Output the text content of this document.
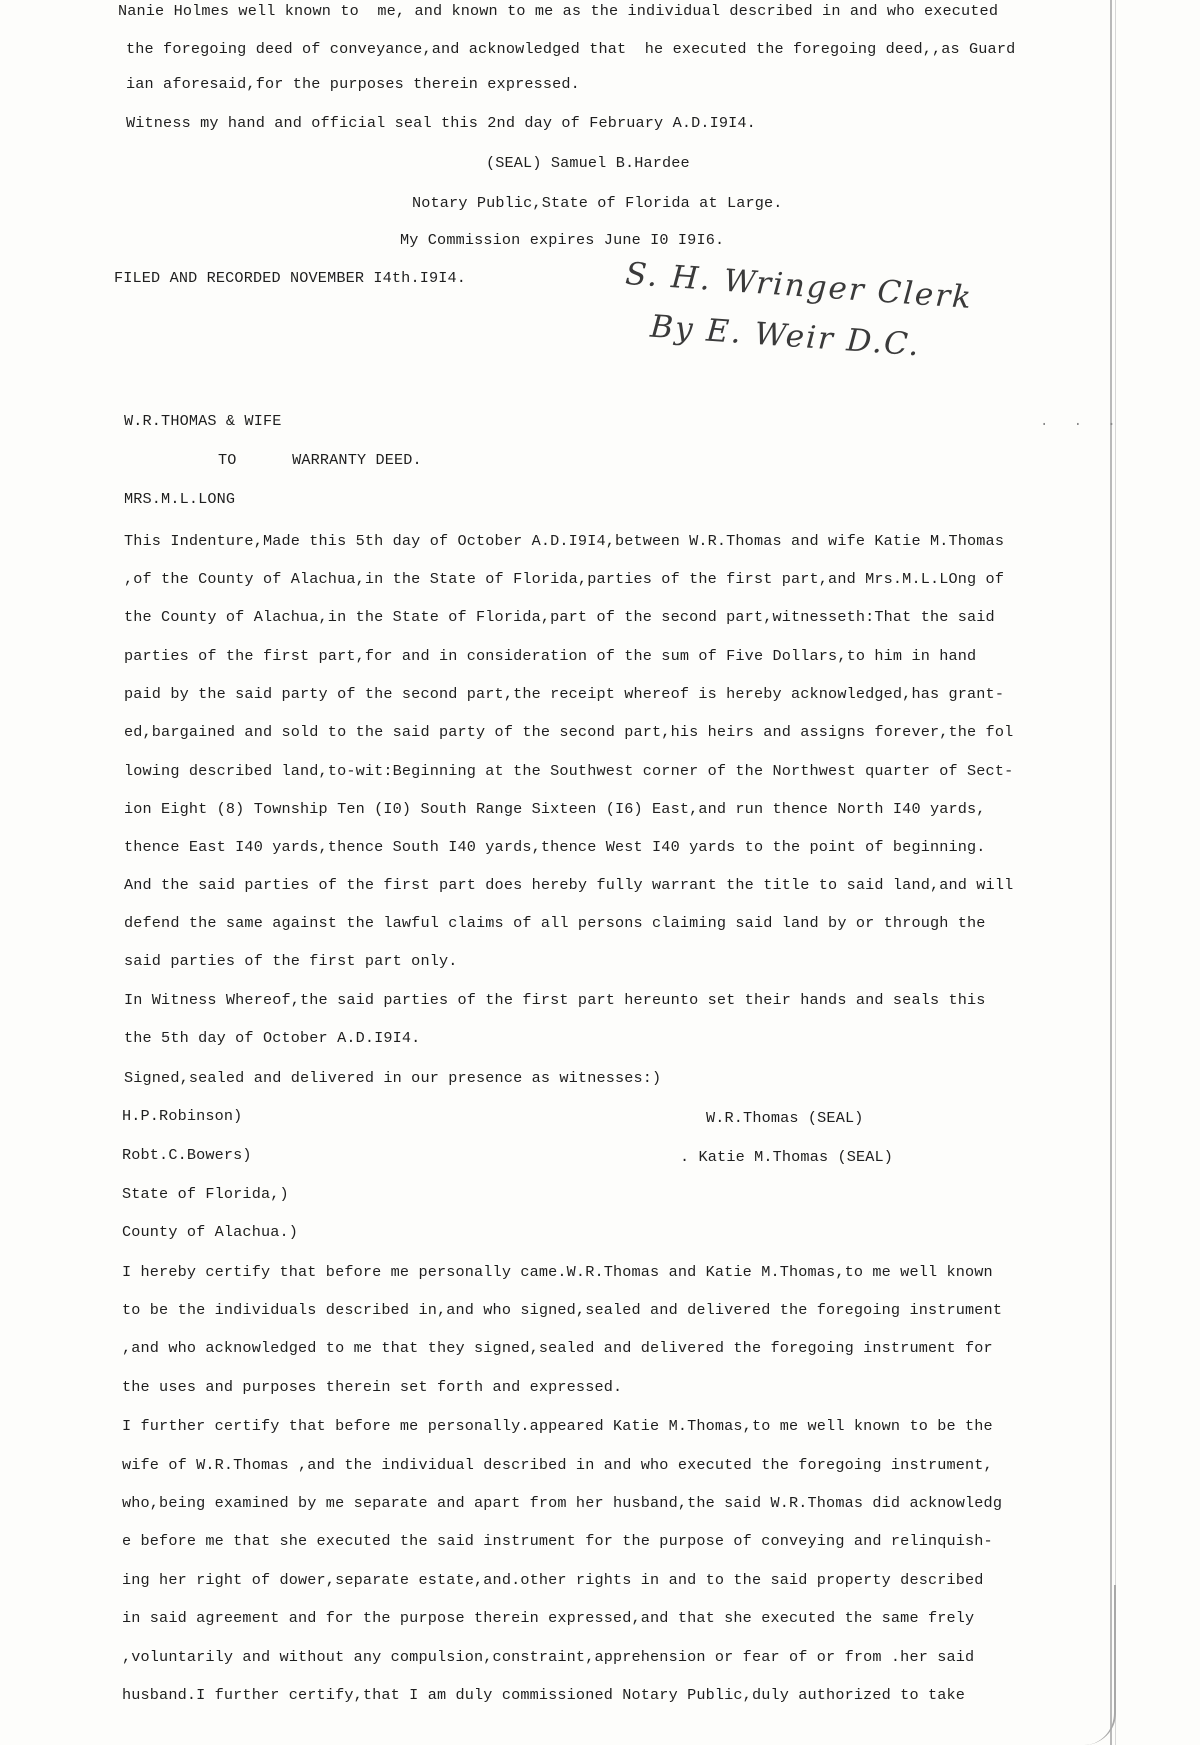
Nanie Holmes well known to  me, and known to me as the individual described in and who executed
the foregoing deed of conveyance,and acknowledged that  he executed the foregoing deed,,as Guard
ian aforesaid,for the purposes therein expressed.
Witness my hand and official seal this 2nd day of February A.D.I9I4.
(SEAL) Samuel B.Hardee
Notary Public,State of Florida at Large.
My Commission expires June I0 I9I6.
FILED AND RECORDED NOVEMBER I4th.I9I4.	S. H. Wringer Clerk
By E. Weir D.C.
.   .   .
W.R.THOMAS & WIFE
TO      WARRANTY DEED.
MRS.M.L.LONG
This Indenture,Made this 5th day of October A.D.I9I4,between W.R.Thomas and wife Katie M.Thomas
,of the County of Alachua,in the State of Florida,parties of the first part,and Mrs.M.L.LOng of
the County of Alachua,in the State of Florida,part of the second part,witnesseth:That the said
parties of the first part,for and in consideration of the sum of Five Dollars,to him in hand
paid by the said party of the second part,the receipt whereof is hereby acknowledged,has grant-
ed,bargained and sold to the said party of the second part,his heirs and assigns forever,the fol
lowing described land,to-wit:Beginning at the Southwest corner of the Northwest quarter of Sect-
ion Eight (8) Township Ten (I0) South Range Sixteen (I6) East,and run thence North I40 yards,
thence East I40 yards,thence South I40 yards,thence West I40 yards to the point of beginning.
And the said parties of the first part does hereby fully warrant the title to said land,and will
defend the same against the lawful claims of all persons claiming said land by or through the
said parties of the first part only.
In Witness Whereof,the said parties of the first part hereunto set their hands and seals this
the 5th day of October A.D.I9I4.
Signed,sealed and delivered in our presence as witnesses:)
H.P.Robinson)	W.R.Thomas (SEAL)
Robt.C.Bowers)	. Katie M.Thomas (SEAL)
State of Florida,)
County of Alachua.)
I hereby certify that before me personally came.W.R.Thomas and Katie M.Thomas,to me well known
to be the individuals described in,and who signed,sealed and delivered the foregoing instrument
,and who acknowledged to me that they signed,sealed and delivered the foregoing instrument for
the uses and purposes therein set forth and expressed.
I further certify that before me personally.appeared Katie M.Thomas,to me well known to be the
wife of W.R.Thomas ,and the individual described in and who executed the foregoing instrument,
who,being examined by me separate and apart from her husband,the said W.R.Thomas did acknowledg
e before me that she executed the said instrument for the purpose of conveying and relinquish-
ing her right of dower,separate estate,and.other rights in and to the said property described
in said agreement and for the purpose therein expressed,and that she executed the same frely
,voluntarily and without any compulsion,constraint,apprehension or fear of or from .her said
husband.I further certify,that I am duly commissioned Notary Public,duly authorized to take
